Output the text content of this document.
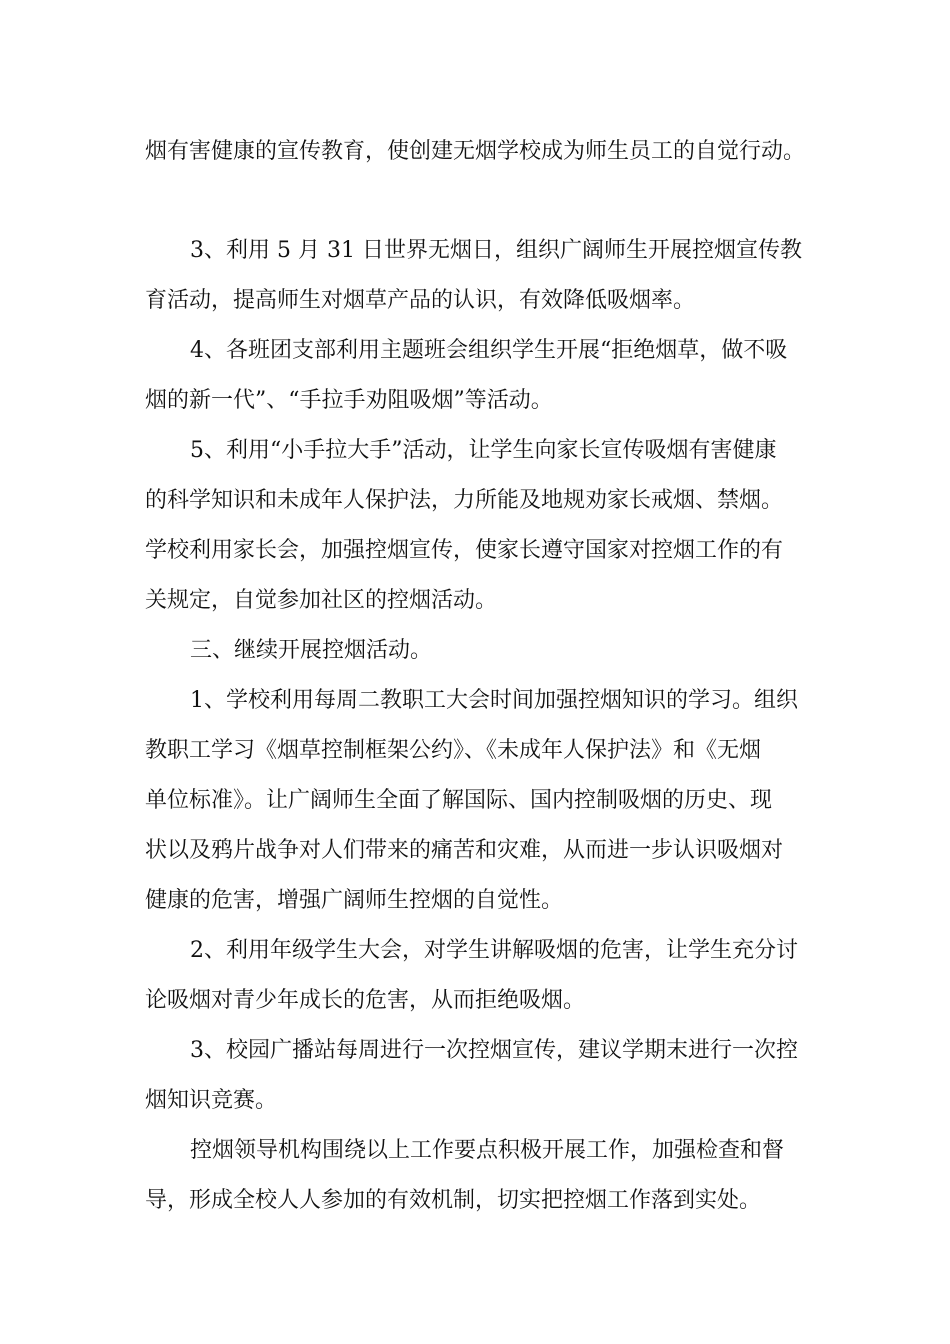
烟有害健康的宣传教育，使创建无烟学校成为师生员工的自觉行动。
3、利用 5 月 31 日世界无烟日，组织广阔师生开展控烟宣传教
育活动，提高师生对烟草产品的认识，有效降低吸烟率。
4、各班团支部利用主题班会组织学生开展“拒绝烟草，做不吸
烟的新一代”、“手拉手劝阻吸烟”等活动。
5、利用“小手拉大手”活动，让学生向家长宣传吸烟有害健康
的科学知识和未成年人保护法，力所能及地规劝家长戒烟、禁烟。
学校利用家长会，加强控烟宣传，使家长遵守国家对控烟工作的有
关规定，自觉参加社区的控烟活动。
三、继续开展控烟活动。
1、学校利用每周二教职工大会时间加强控烟知识的学习。组织
教职工学习《烟草控制框架公约》、《未成年人保护法》和《无烟
单位标准》。让广阔师生全面了解国际、国内控制吸烟的历史、现
状以及鸦片战争对人们带来的痛苦和灾难，从而进一步认识吸烟对
健康的危害，增强广阔师生控烟的自觉性。
2、利用年级学生大会，对学生讲解吸烟的危害，让学生充分讨
论吸烟对青少年成长的危害，从而拒绝吸烟。
3、校园广播站每周进行一次控烟宣传，建议学期末进行一次控
烟知识竞赛。
控烟领导机构围绕以上工作要点积极开展工作，加强检查和督
导，形成全校人人参加的有效机制，切实把控烟工作落到实处。
